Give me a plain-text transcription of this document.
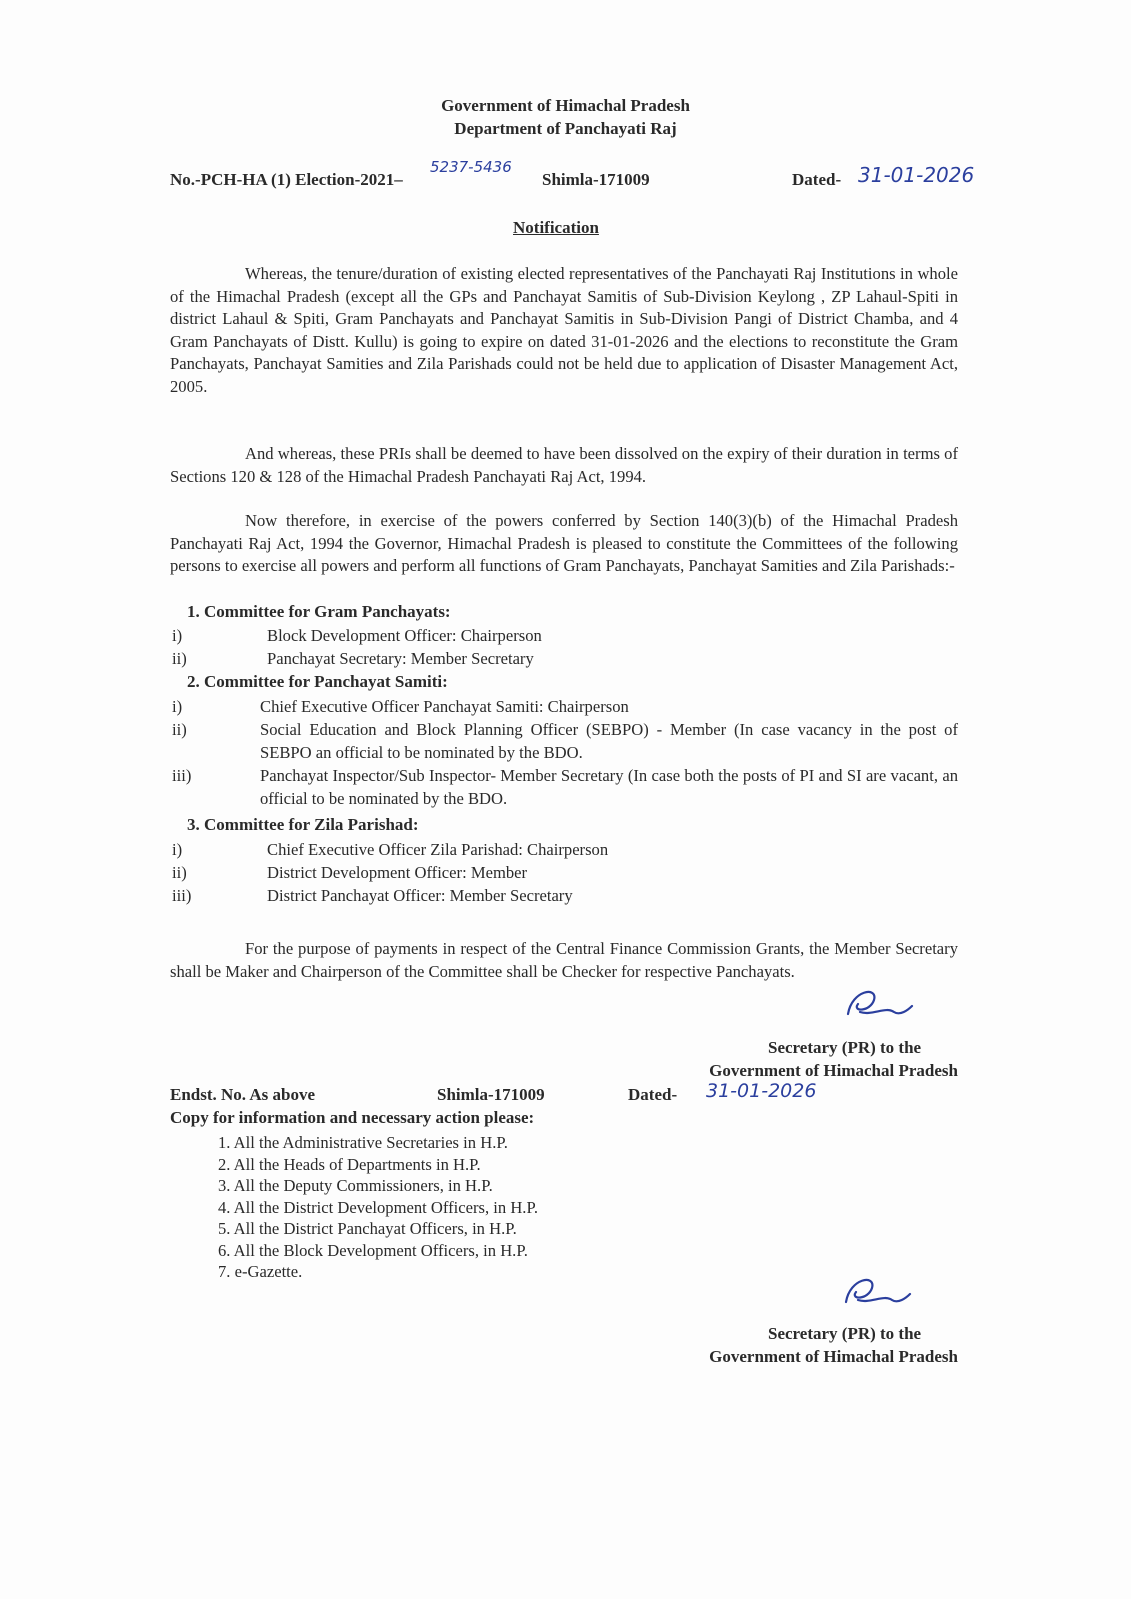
Government of Himachal Pradesh
Department of Panchayati Raj
No.-PCH-HA (1) Election-2021–
5237-5436
Shimla-171009	Dated- 31-01-2026
Notification
Whereas, the tenure/duration of existing elected representatives of the Panchayati Raj Institutions in whole of the Himachal Pradesh (except all the GPs and Panchayat Samitis of Sub-Division Keylong , ZP Lahaul-Spiti in district Lahaul & Spiti, Gram Panchayats and Panchayat Samitis in Sub-Division Pangi of District Chamba, and 4 Gram Panchayats of Distt. Kullu) is going to expire on dated 31-01-2026 and the elections to reconstitute the Gram Panchayats, Panchayat Samities and Zila Parishads could not be held due to application of Disaster Management Act, 2005.
And whereas, these PRIs shall be deemed to have been dissolved on the expiry of their duration in terms of Sections 120 & 128 of the Himachal Pradesh Panchayati Raj Act, 1994.
Now therefore, in exercise of the powers conferred by Section 140(3)(b) of the Himachal Pradesh Panchayati Raj Act, 1994 the Governor, Himachal Pradesh is pleased to constitute the Committees of the following persons to exercise all powers and perform all functions of Gram Panchayats, Panchayat Samities and Zila Parishads:-
1. Committee for Gram Panchayats:
i)	Block Development Officer: Chairperson
ii)	Panchayat Secretary: Member Secretary
2. Committee for Panchayat Samiti:
i)	Chief Executive Officer Panchayat Samiti: Chairperson
ii)	Social Education and Block Planning Officer (SEBPO) - Member (In case vacancy in the post of SEBPO an official to be nominated by the BDO.
iii)	Panchayat Inspector/Sub Inspector- Member Secretary (In case both the posts of PI and SI are vacant, an official to be nominated by the BDO.
3. Committee for Zila Parishad:
i)	Chief Executive Officer Zila Parishad: Chairperson
ii)	District Development Officer: Member
iii)	District Panchayat Officer: Member Secretary
For the purpose of payments in respect of the Central Finance Commission Grants, the Member Secretary shall be Maker and Chairperson of the Committee shall be Checker for respective Panchayats.
Secretary (PR) to the
Government of Himachal Pradesh
Endst. No. As above	Shimla-171009	Dated- 31-01-2026
Copy for information and necessary action please:
1. All the Administrative Secretaries in H.P.
2. All the Heads of Departments in H.P.
3. All the Deputy Commissioners, in H.P.
4. All the District Development Officers, in H.P.
5. All the District Panchayat Officers, in H.P.
6. All the Block Development Officers, in H.P.
7. e-Gazette.
Secretary (PR) to the
Government of Himachal Pradesh
